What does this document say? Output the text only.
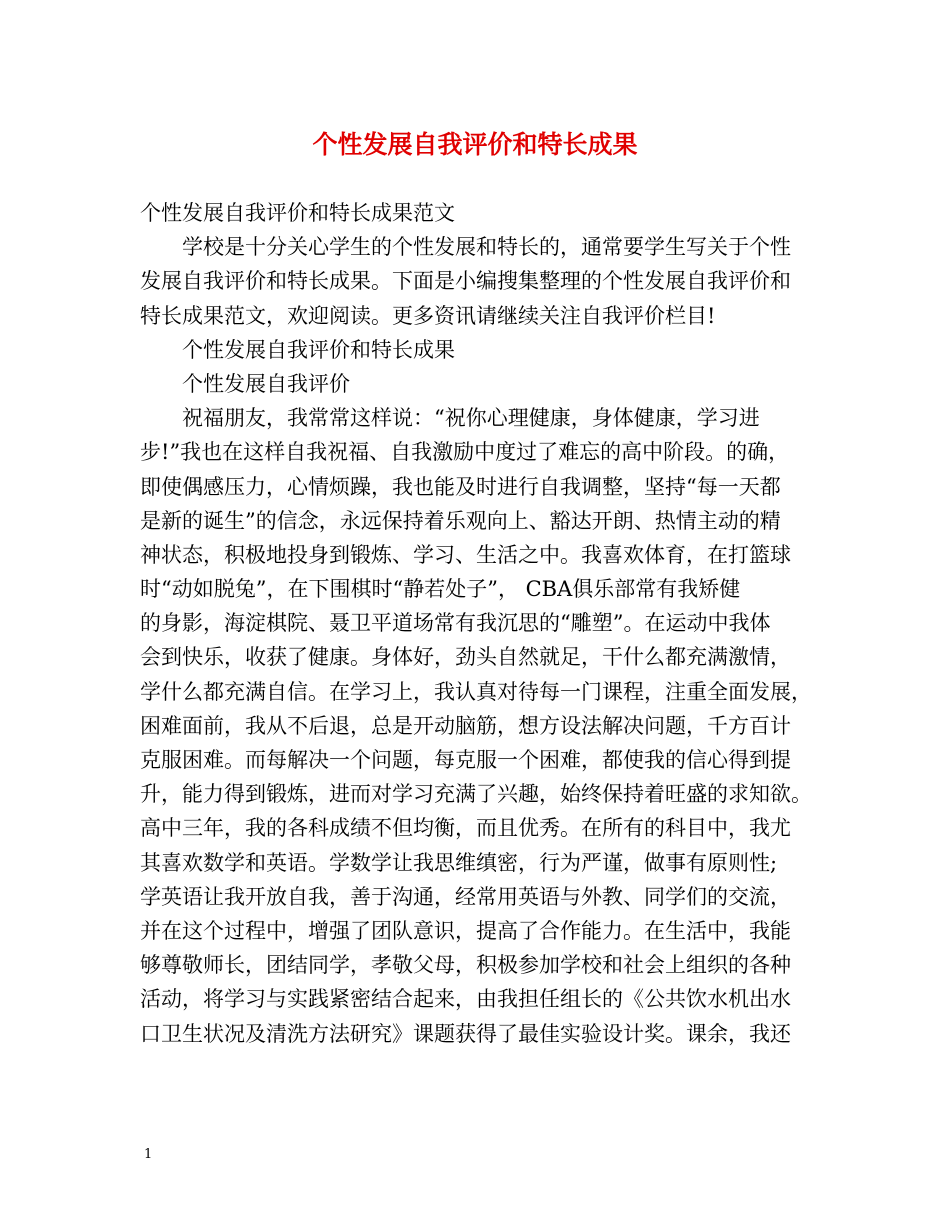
个性发展自我评价和特长成果

个性发展自我评价和特长成果范文

学校是十分关心学生的个性发展和特长的，通常要学生写关于个性

发展自我评价和特长成果。下面是小编搜集整理的个性发展自我评价和

特长成果范文，欢迎阅读。更多资讯请继续关注自我评价栏目!

个性发展自我评价和特长成果

个性发展自我评价

祝福朋友，我常常这样说：“祝你心理健康，身体健康，学习进

步!”我也在这样自我祝福、自我激励中度过了难忘的高中阶段。的确，

即使偶感压力，心情烦躁，我也能及时进行自我调整，坚持“每一天都

是新的诞生”的信念，永远保持着乐观向上、豁达开朗、热情主动的精

神状态，积极地投身到锻炼、学习、生活之中。我喜欢体育，在打篮球

时“动如脱兔”，在下围棋时“静若处子”， CBA俱乐部常有我矫健

的身影，海淀棋院、聂卫平道场常有我沉思的“雕塑”。在运动中我体

会到快乐，收获了健康。身体好，劲头自然就足，干什么都充满激情，

学什么都充满自信。在学习上，我认真对待每一门课程，注重全面发展，

困难面前，我从不后退，总是开动脑筋，想方设法解决问题，千方百计

克服困难。而每解决一个问题，每克服一个困难，都使我的信心得到提

升，能力得到锻炼，进而对学习充满了兴趣，始终保持着旺盛的求知欲。

高中三年，我的各科成绩不但均衡，而且优秀。在所有的科目中，我尤

其喜欢数学和英语。学数学让我思维缜密，行为严谨，做事有原则性;

学英语让我开放自我，善于沟通，经常用英语与外教、同学们的交流，

并在这个过程中，增强了团队意识，提高了合作能力。在生活中，我能

够尊敬师长，团结同学，孝敬父母，积极参加学校和社会上组织的各种

活动，将学习与实践紧密结合起来，由我担任组长的《公共饮水机出水

口卫生状况及清洗方法研究》课题获得了最佳实验设计奖。课余，我还

1
